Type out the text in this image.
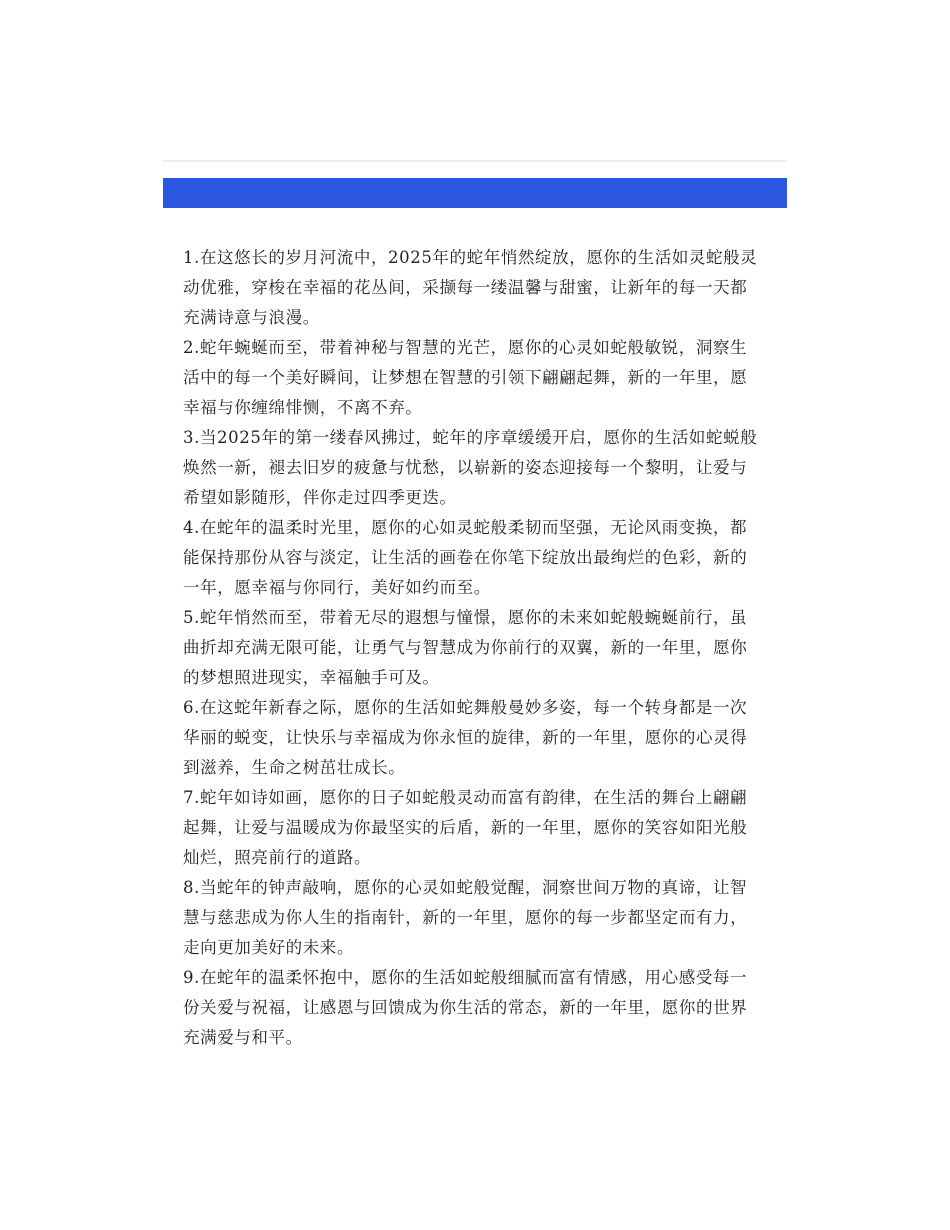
1.在这悠长的岁月河流中，2025年的蛇年悄然绽放，愿你的生活如灵蛇般灵动优雅，穿梭在幸福的花丛间，采撷每一缕温馨与甜蜜，让新年的每一天都充满诗意与浪漫。

2.蛇年蜿蜒而至，带着神秘与智慧的光芒，愿你的心灵如蛇般敏锐，洞察生活中的每一个美好瞬间，让梦想在智慧的引领下翩翩起舞，新的一年里，愿幸福与你缠绵悱恻，不离不弃。

3.当2025年的第一缕春风拂过，蛇年的序章缓缓开启，愿你的生活如蛇蜕般焕然一新，褪去旧岁的疲惫与忧愁，以崭新的姿态迎接每一个黎明，让爱与希望如影随形，伴你走过四季更迭。

4.在蛇年的温柔时光里，愿你的心如灵蛇般柔韧而坚强，无论风雨变换，都能保持那份从容与淡定，让生活的画卷在你笔下绽放出最绚烂的色彩，新的一年，愿幸福与你同行，美好如约而至。

5.蛇年悄然而至，带着无尽的遐想与憧憬，愿你的未来如蛇般蜿蜒前行，虽曲折却充满无限可能，让勇气与智慧成为你前行的双翼，新的一年里，愿你的梦想照进现实，幸福触手可及。

6.在这蛇年新春之际，愿你的生活如蛇舞般曼妙多姿，每一个转身都是一次华丽的蜕变，让快乐与幸福成为你永恒的旋律，新的一年里，愿你的心灵得到滋养，生命之树茁壮成长。

7.蛇年如诗如画，愿你的日子如蛇般灵动而富有韵律，在生活的舞台上翩翩起舞，让爱与温暖成为你最坚实的后盾，新的一年里，愿你的笑容如阳光般灿烂，照亮前行的道路。

8.当蛇年的钟声敲响，愿你的心灵如蛇般觉醒，洞察世间万物的真谛，让智慧与慈悲成为你人生的指南针，新的一年里，愿你的每一步都坚定而有力，走向更加美好的未来。

9.在蛇年的温柔怀抱中，愿你的生活如蛇般细腻而富有情感，用心感受每一份关爱与祝福，让感恩与回馈成为你生活的常态，新的一年里，愿你的世界充满爱与和平。
